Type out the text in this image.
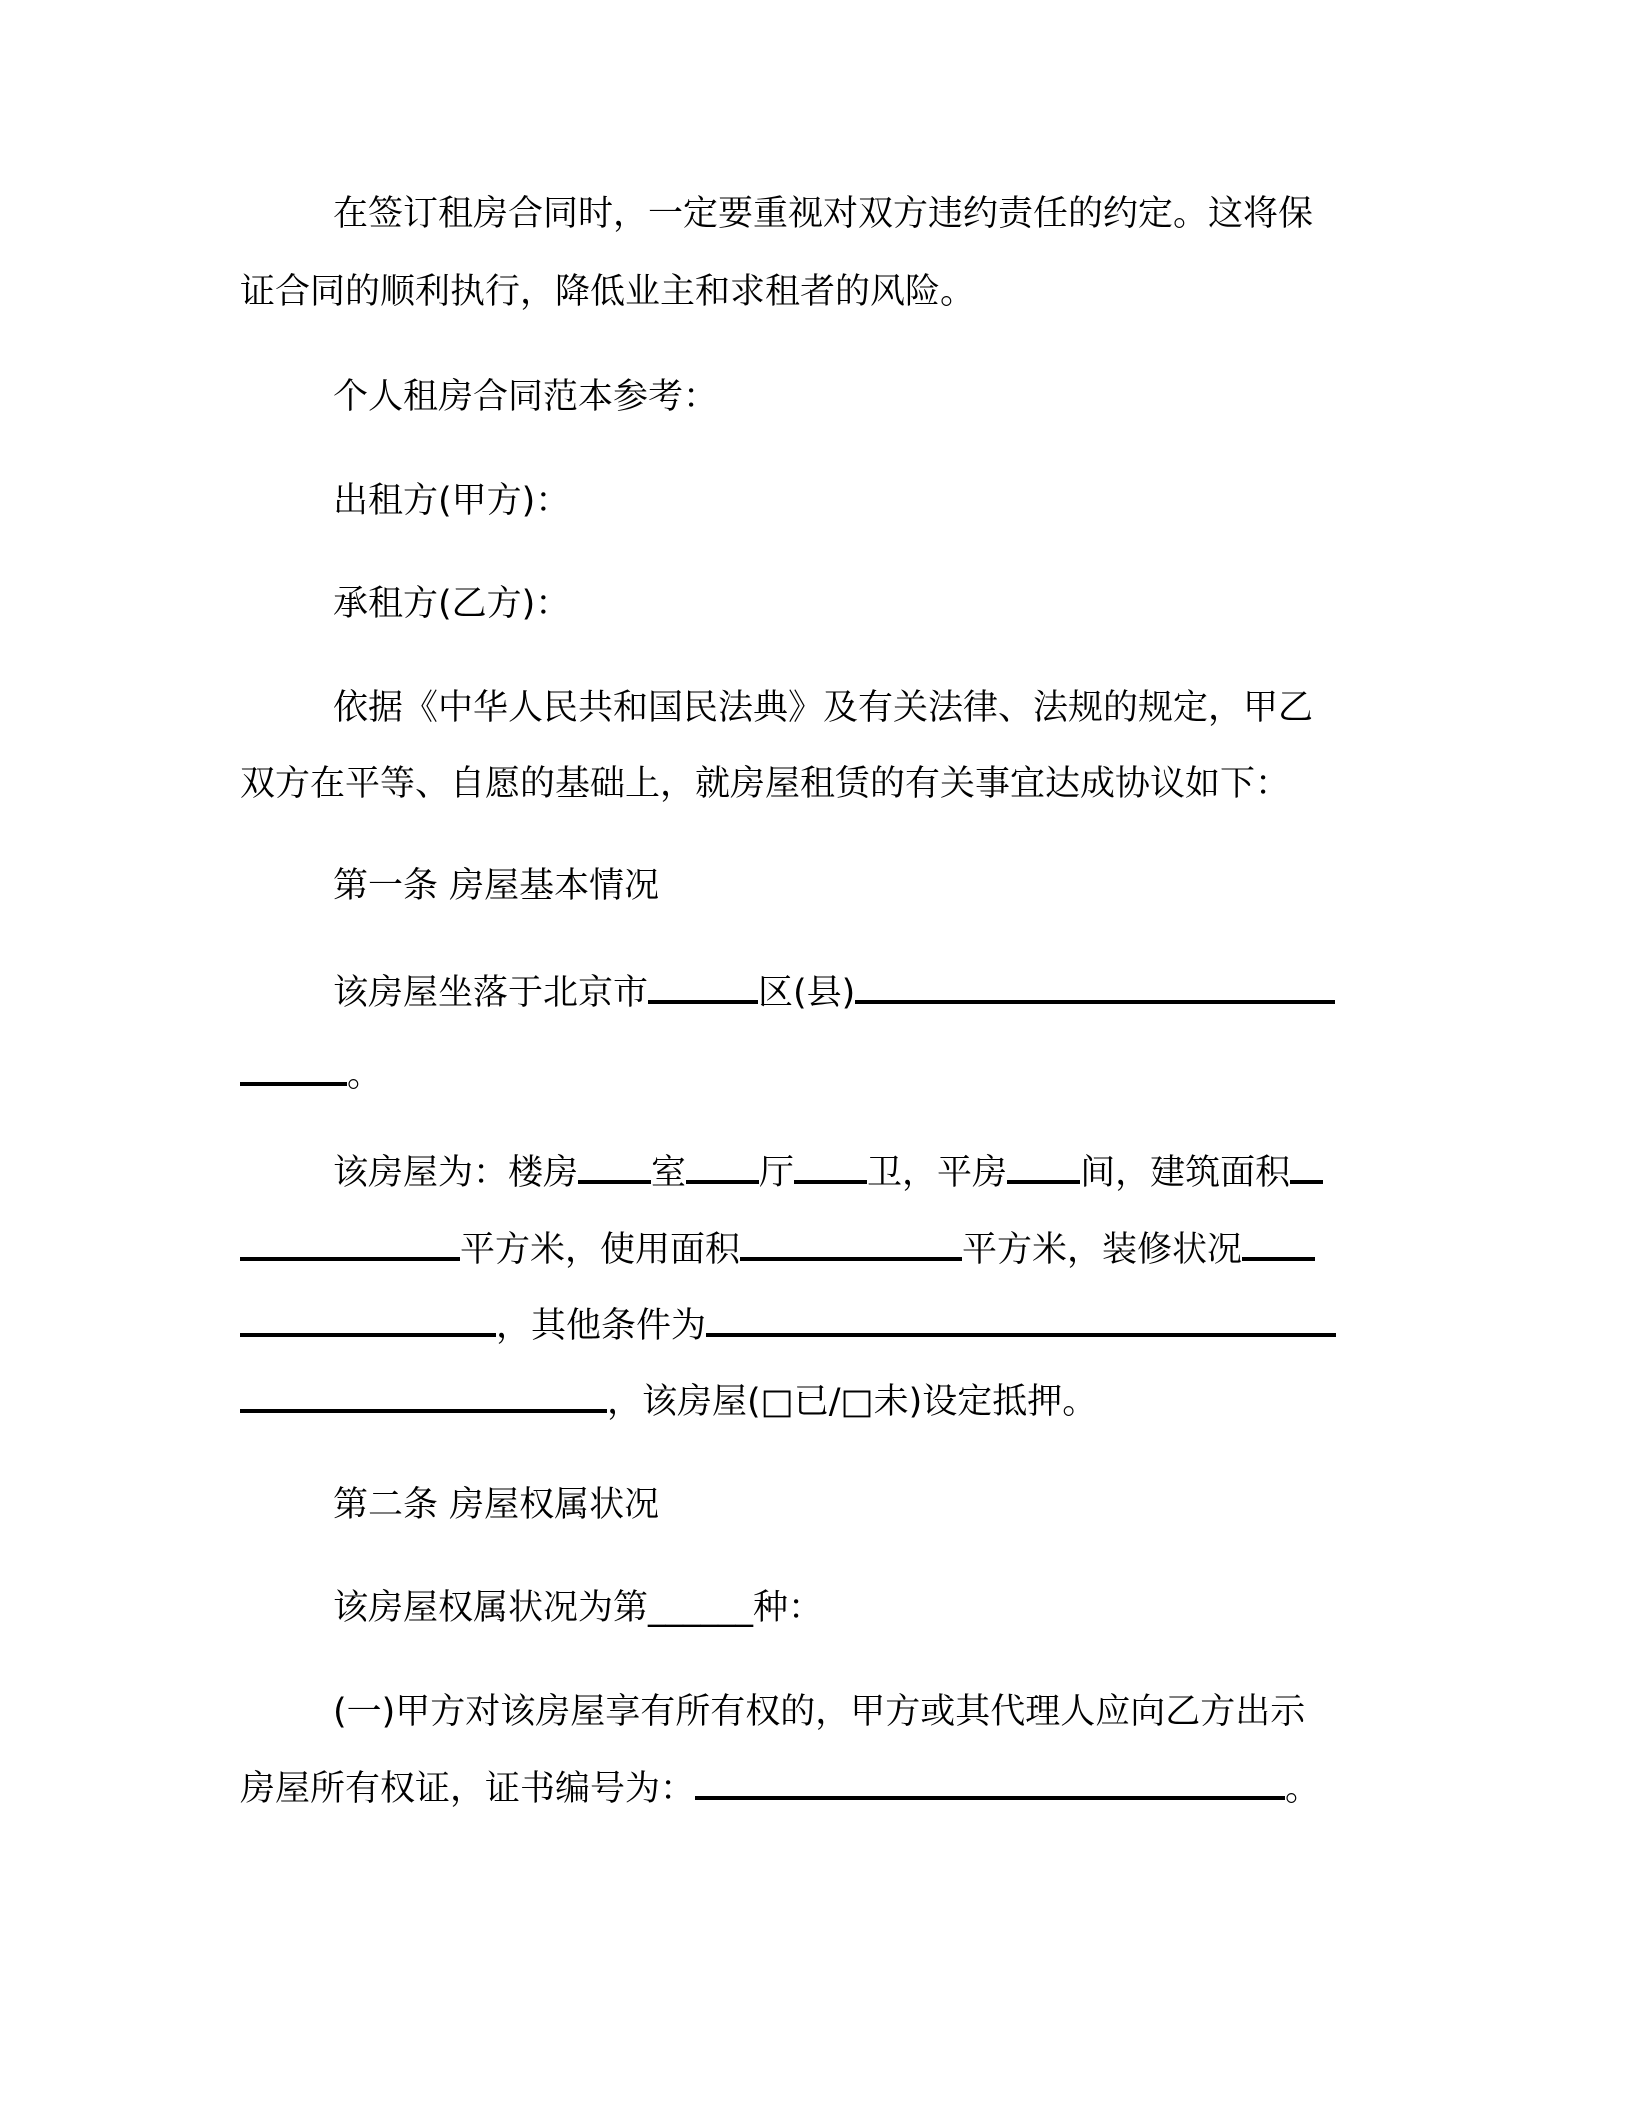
在签订租房合同时，一定要重视对双方违约责任的约定。这将保
证合同的顺利执行，降低业主和求租者的风险。
个人租房合同范本参考：
出租方(甲方)：
承租方(乙方)：
依据《中华人民共和国民法典》及有关法律、法规的规定，甲乙
双方在平等、自愿的基础上，就房屋租赁的有关事宜达成协议如下：
第一条 房屋基本情况
该房屋坐落于北京市	区(县)
。
该房屋为：楼房 室 厅 卫，平房 间，建筑面积
平方米，使用面积	平方米，装修状况
，其他条件为
，该房屋(□已/□未)设定抵押。
第二条 房屋权属状况
该房屋权属状况为第______种：
(一)甲方对该房屋享有所有权的，甲方或其代理人应向乙方出示
房屋所有权证，证书编号为：	。
